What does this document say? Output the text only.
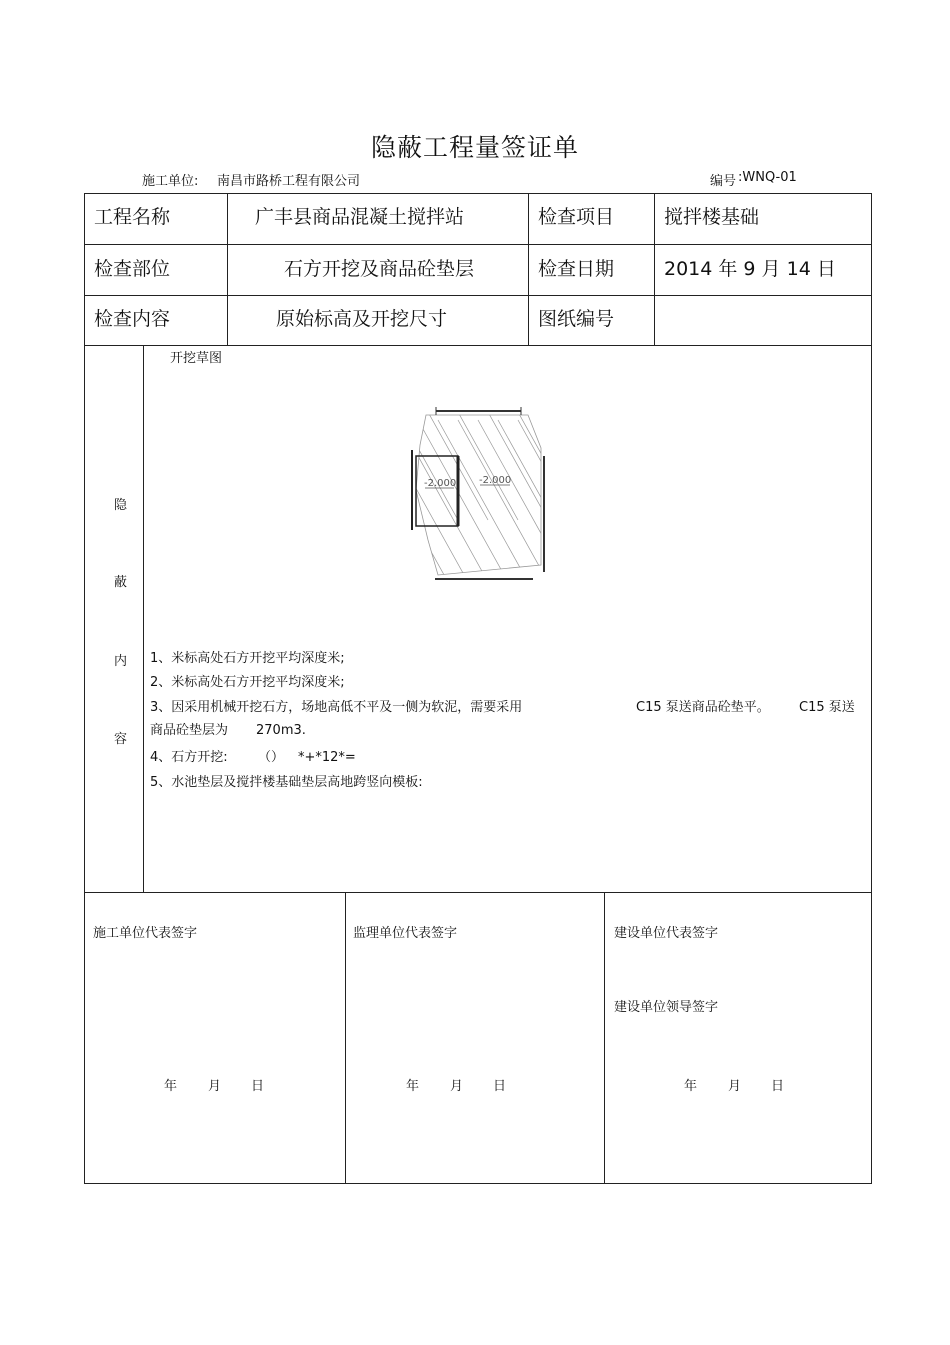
隐蔽工程量签证单
施工单位: 南昌市路桥工程有限公司	编号 :WNQ-01
工程名称	广丰县商品混凝土搅拌站	检查项目	搅拌楼基础
检查部位	石方开挖及商品砼垫层	检查日期	2014 年 9 月 14 日
检查内容	原始标高及开挖尺寸	图纸编号
隐
蔽
内
容
开挖草图
-2.000 -2.000
1、米标高处石方开挖平均深度米;
2、米标高处石方开挖平均深度米;
3、因采用机械开挖石方，场地高低不平及一侧为软泥，需要采用	C15 泵送商品砼垫平。 C15 泵送
商品砼垫层为 270m3.
4、石方开挖: （） *+*12*=
5、水池垫层及搅拌楼基础垫层高地跨竖向模板:
施工单位代表签字	监理单位代表签字	建设单位代表签字
建设单位领导签字
年 月 日	年 月 日	年 月 日
